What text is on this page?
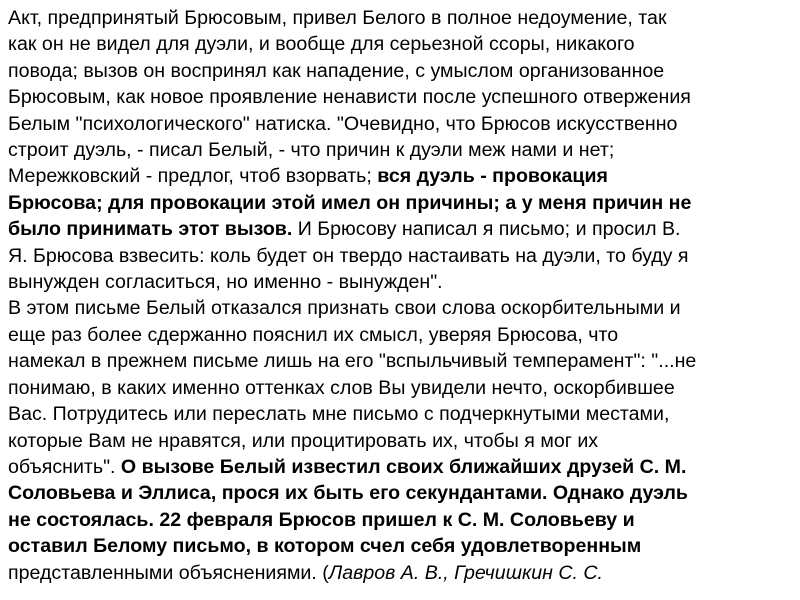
Акт, предпринятый Брюсовым, привел Белого в полное недоумение, так
как он не видел для дуэли, и вообще для серьезной ссоры, никакого
повода; вызов он воспринял как нападение, с умыслом организованное
Брюсовым, как новое проявление ненависти после успешного отвержения
Белым "психологического" натиска. "Очевидно, что Брюсов искусственно
строит дуэль, - писал Белый, - что причин к дуэли меж нами и нет;
Мережковский - предлог, чтоб взорвать; вся дуэль - провокация
Брюсова; для провокации этой имел он причины; а у меня причин не
было принимать этот вызов. И Брюсову написал я письмо; и просил В.
Я. Брюсова взвесить: коль будет он твердо настаивать на дуэли, то буду я
вынужден согласиться, но именно - вынужден".
В этом письме Белый отказался признать свои слова оскорбительными и
еще раз более сдержанно пояснил их смысл, уверяя Брюсова, что
намекал в прежнем письме лишь на его "вспыльчивый темперамент": "...не
понимаю, в каких именно оттенках слов Вы увидели нечто, оскорбившее
Вас. Потрудитесь или переслать мне письмо с подчеркнутыми местами,
которые Вам не нравятся, или процитировать их, чтобы я мог их
объяснить". О вызове Белый известил своих ближайших друзей С. М.
Соловьева и Эллиса, прося их быть его секундантами. Однако дуэль
не состоялась. 22 февраля Брюсов пришел к С. М. Соловьеву и
оставил Белому письмо, в котором счел себя удовлетворенным
представленными объяснениями. (Лавров А. В., Гречишкин С. С.
